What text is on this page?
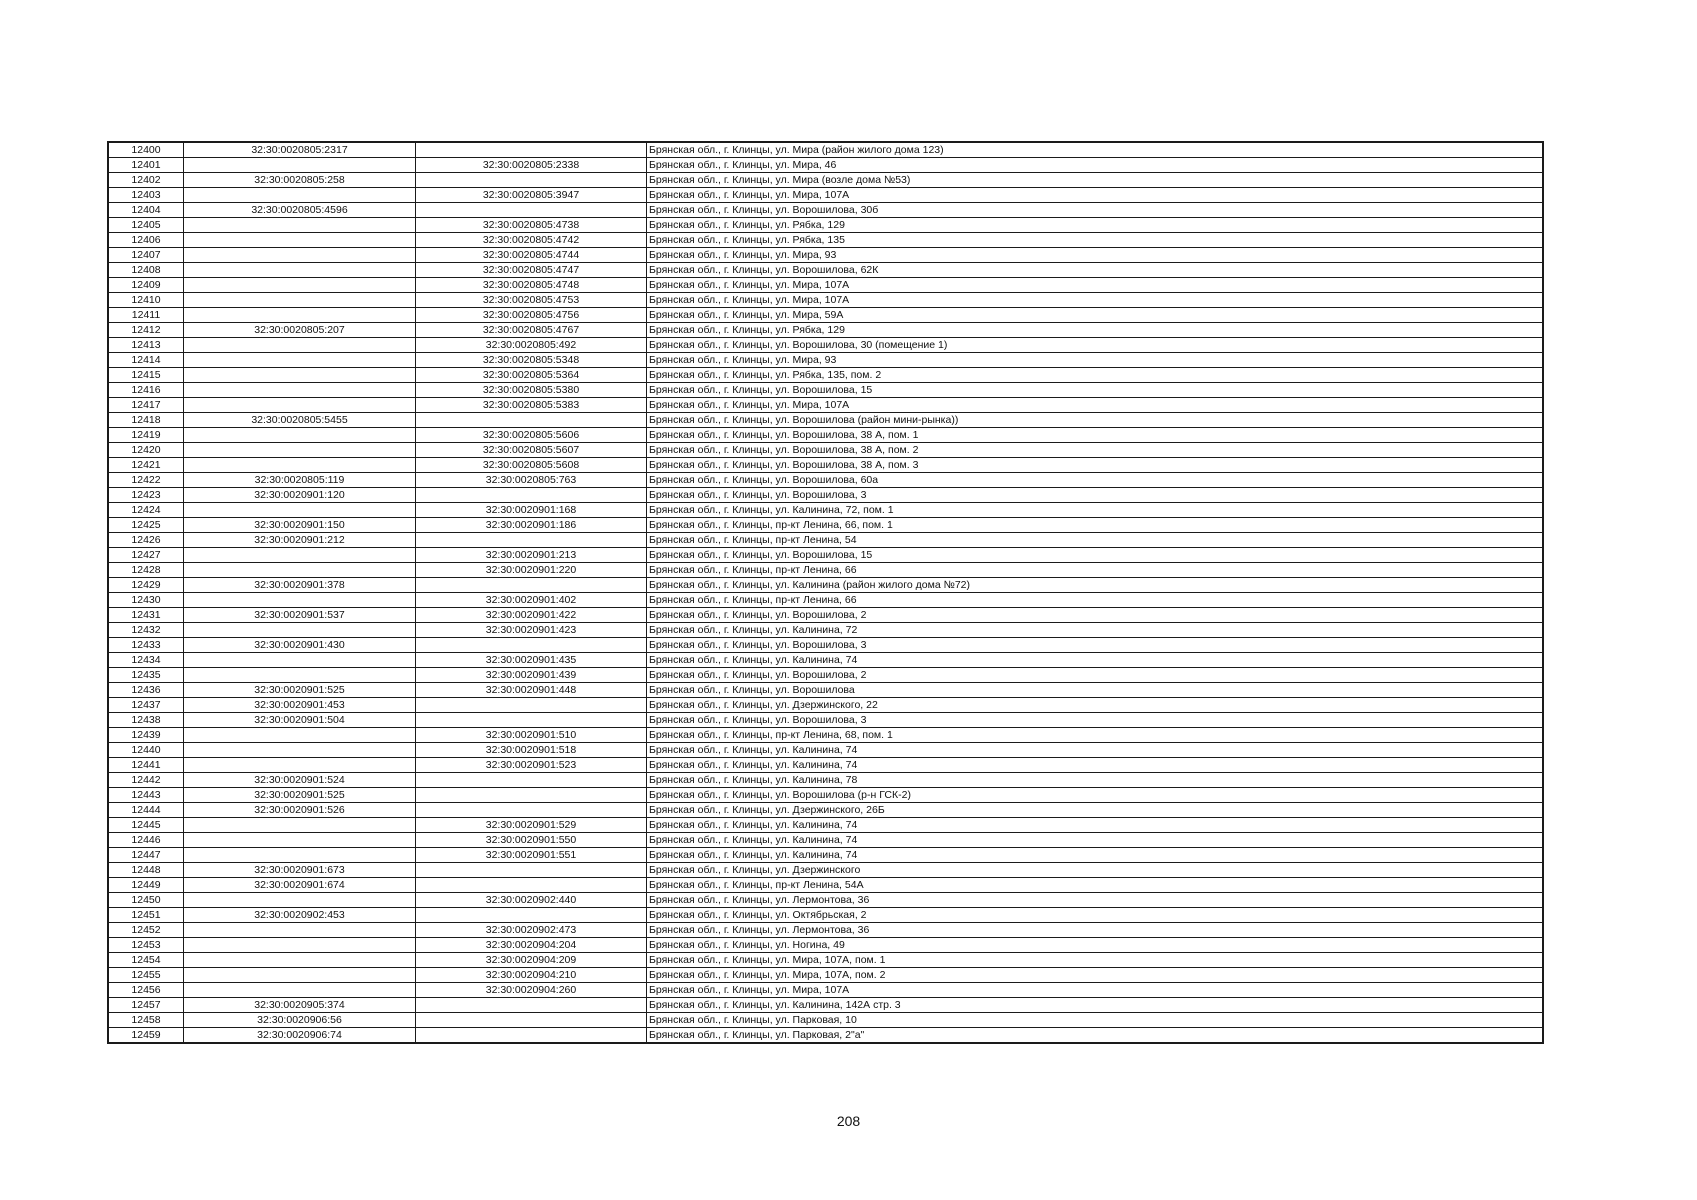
12400	32:30:0020805:2317		Брянская обл., г. Клинцы, ул. Мира (район жилого дома 123)
12401		32:30:0020805:2338	Брянская обл., г. Клинцы, ул. Мира, 46
12402	32:30:0020805:258		Брянская обл., г. Клинцы, ул. Мира (возле дома №53)
12403		32:30:0020805:3947	Брянская обл., г. Клинцы, ул. Мира, 107А
12404	32:30:0020805:4596		Брянская обл., г. Клинцы, ул. Ворошилова, 30б
12405		32:30:0020805:4738	Брянская обл., г. Клинцы, ул. Рябка, 129
12406		32:30:0020805:4742	Брянская обл., г. Клинцы, ул. Рябка, 135
12407		32:30:0020805:4744	Брянская обл., г. Клинцы, ул. Мира, 93
12408		32:30:0020805:4747	Брянская обл., г. Клинцы, ул. Ворошилова, 62К
12409		32:30:0020805:4748	Брянская обл., г. Клинцы, ул. Мира, 107А
12410		32:30:0020805:4753	Брянская обл., г. Клинцы, ул. Мира, 107А
12411		32:30:0020805:4756	Брянская обл., г. Клинцы, ул. Мира, 59А
12412	32:30:0020805:207	32:30:0020805:4767	Брянская обл., г. Клинцы, ул. Рябка, 129
12413		32:30:0020805:492	Брянская обл., г. Клинцы, ул. Ворошилова, 30 (помещение 1)
12414		32:30:0020805:5348	Брянская обл., г. Клинцы, ул. Мира, 93
12415		32:30:0020805:5364	Брянская обл., г. Клинцы, ул. Рябка, 135, пом. 2
12416		32:30:0020805:5380	Брянская обл., г. Клинцы, ул. Ворошилова, 15
12417		32:30:0020805:5383	Брянская обл., г. Клинцы, ул. Мира, 107А
12418	32:30:0020805:5455		Брянская обл., г. Клинцы, ул. Ворошилова (район мини-рынка))
12419		32:30:0020805:5606	Брянская обл., г. Клинцы, ул. Ворошилова, 38 А, пом. 1
12420		32:30:0020805:5607	Брянская обл., г. Клинцы, ул. Ворошилова, 38 А, пом. 2
12421		32:30:0020805:5608	Брянская обл., г. Клинцы, ул. Ворошилова, 38 А, пом. 3
12422	32:30:0020805:119	32:30:0020805:763	Брянская обл., г. Клинцы, ул. Ворошилова, 60а
12423	32:30:0020901:120		Брянская обл., г. Клинцы, ул. Ворошилова, 3
12424		32:30:0020901:168	Брянская обл., г. Клинцы, ул. Калинина, 72, пом. 1
12425	32:30:0020901:150	32:30:0020901:186	Брянская обл., г. Клинцы, пр-кт Ленина, 66, пом. 1
12426	32:30:0020901:212		Брянская обл., г. Клинцы, пр-кт Ленина, 54
12427		32:30:0020901:213	Брянская обл., г. Клинцы, ул. Ворошилова, 15
12428		32:30:0020901:220	Брянская обл., г. Клинцы, пр-кт Ленина, 66
12429	32:30:0020901:378		Брянская обл., г. Клинцы, ул. Калинина (район жилого дома №72)
12430		32:30:0020901:402	Брянская обл., г. Клинцы, пр-кт Ленина, 66
12431	32:30:0020901:537	32:30:0020901:422	Брянская обл., г. Клинцы, ул. Ворошилова, 2
12432		32:30:0020901:423	Брянская обл., г. Клинцы, ул. Калинина, 72
12433	32:30:0020901:430		Брянская обл., г. Клинцы, ул. Ворошилова, 3
12434		32:30:0020901:435	Брянская обл., г. Клинцы, ул. Калинина, 74
12435		32:30:0020901:439	Брянская обл., г. Клинцы, ул. Ворошилова, 2
12436	32:30:0020901:525	32:30:0020901:448	Брянская обл., г. Клинцы, ул. Ворошилова
12437	32:30:0020901:453		Брянская обл., г. Клинцы, ул. Дзержинского, 22
12438	32:30:0020901:504		Брянская обл., г. Клинцы, ул. Ворошилова, 3
12439		32:30:0020901:510	Брянская обл., г. Клинцы, пр-кт Ленина, 68, пом. 1
12440		32:30:0020901:518	Брянская обл., г. Клинцы, ул. Калинина, 74
12441		32:30:0020901:523	Брянская обл., г. Клинцы, ул. Калинина, 74
12442	32:30:0020901:524		Брянская обл., г. Клинцы, ул. Калинина, 78
12443	32:30:0020901:525		Брянская обл., г. Клинцы, ул. Ворошилова (р-н ГСК-2)
12444	32:30:0020901:526		Брянская обл., г. Клинцы, ул. Дзержинского, 26Б
12445		32:30:0020901:529	Брянская обл., г. Клинцы, ул. Калинина, 74
12446		32:30:0020901:550	Брянская обл., г. Клинцы, ул. Калинина, 74
12447		32:30:0020901:551	Брянская обл., г. Клинцы, ул. Калинина, 74
12448	32:30:0020901:673		Брянская обл., г. Клинцы, ул. Дзержинского
12449	32:30:0020901:674		Брянская обл., г. Клинцы, пр-кт Ленина, 54А
12450		32:30:0020902:440	Брянская обл., г. Клинцы, ул. Лермонтова, 36
12451	32:30:0020902:453		Брянская обл., г. Клинцы, ул. Октябрьская, 2
12452		32:30:0020902:473	Брянская обл., г. Клинцы, ул. Лермонтова, 36
12453		32:30:0020904:204	Брянская обл., г. Клинцы, ул. Ногина, 49
12454		32:30:0020904:209	Брянская обл., г. Клинцы, ул. Мира, 107А, пом. 1
12455		32:30:0020904:210	Брянская обл., г. Клинцы, ул. Мира, 107А, пом. 2
12456		32:30:0020904:260	Брянская обл., г. Клинцы, ул. Мира, 107А
12457	32:30:0020905:374		Брянская обл., г. Клинцы, ул. Калинина, 142А стр. 3
12458	32:30:0020906:56		Брянская обл., г. Клинцы, ул. Парковая, 10
12459	32:30:0020906:74		Брянская обл., г. Клинцы, ул. Парковая, 2"а"
208
